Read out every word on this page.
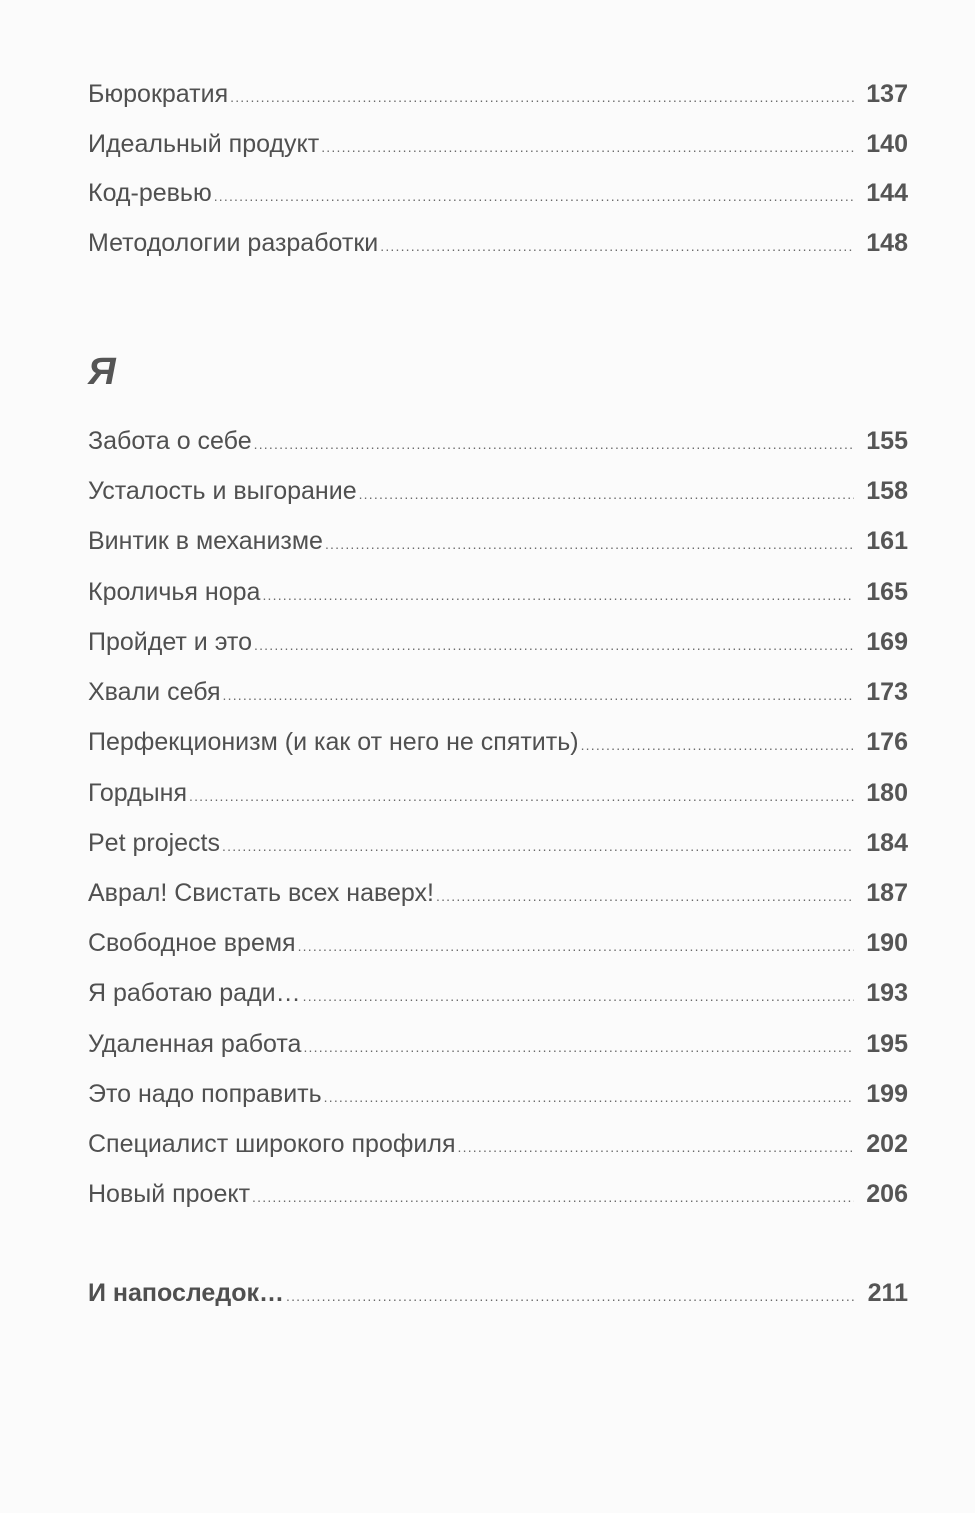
Бюрократия .....	137
Идеальный продукт .....	140
Код-ревью .....	144
Методологии разработки .....	148
Я
Забота о себе .....	155
Усталость и выгорание .....	158
Винтик в механизме .....	161
Кроличья нора .....	165
Пройдет и это .....	169
Хвали себя .....	173
Перфекционизм (и как от него не спятить) .....	176
Гордыня .....	180
Pet projects .....	184
Аврал! Свистать всех наверх! .....	187
Свободное время .....	190
Я работаю ради… .....	193
Удаленная работа .....	195
Это надо поправить .....	199
Специалист широкого профиля .....	202
Новый проект .....	206
И напоследок… .....	211
